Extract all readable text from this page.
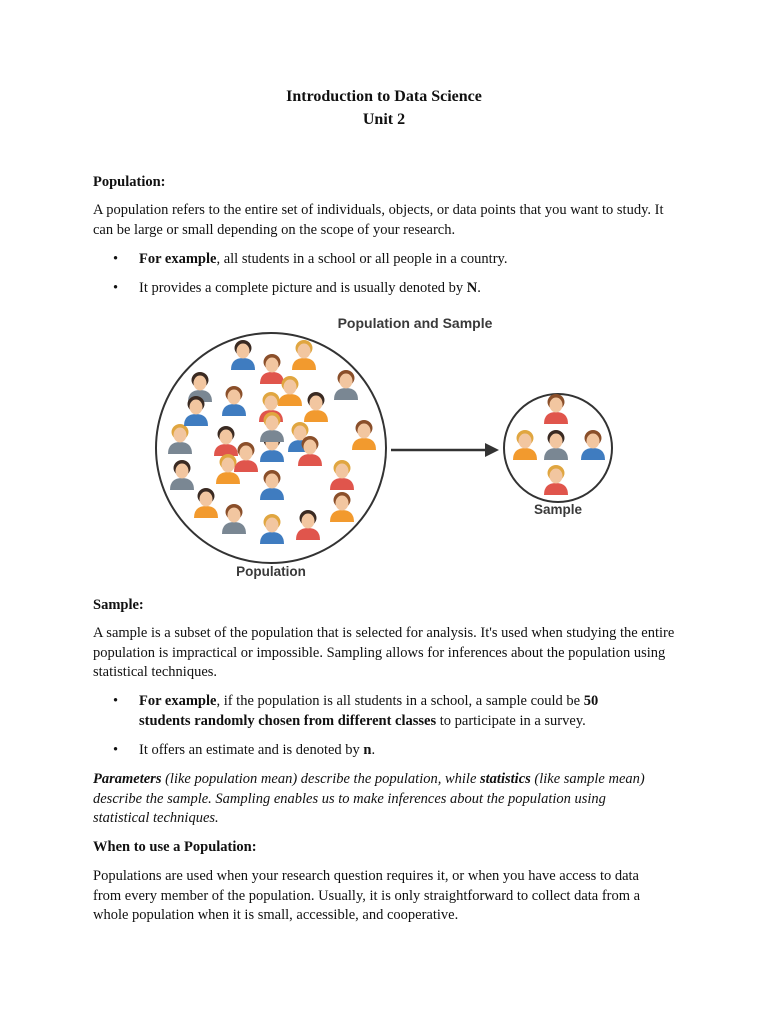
Introduction to Data Science
Unit 2
Population:
A population refers to the entire set of individuals, objects, or data points that you want to study. It can be large or small depending on the scope of your research.
• For example, all students in a school or all people in a country.
• It provides a complete picture and is usually denoted by N.
Population and Sample
Population
Sample
Sample:
A sample is a subset of the population that is selected for analysis. It's used when studying the entire population is impractical or impossible. Sampling allows for inferences about the population using statistical techniques.
• For example, if the population is all students in a school, a sample could be 50 students randomly chosen from different classes to participate in a survey.
• It offers an estimate and is denoted by n.
Parameters (like population mean) describe the population, while statistics (like sample mean) describe the sample. Sampling enables us to make inferences about the population using statistical techniques.
When to use a Population:
Populations are used when your research question requires it, or when you have access to data from every member of the population. Usually, it is only straightforward to collect data from a whole population when it is small, accessible, and cooperative.
